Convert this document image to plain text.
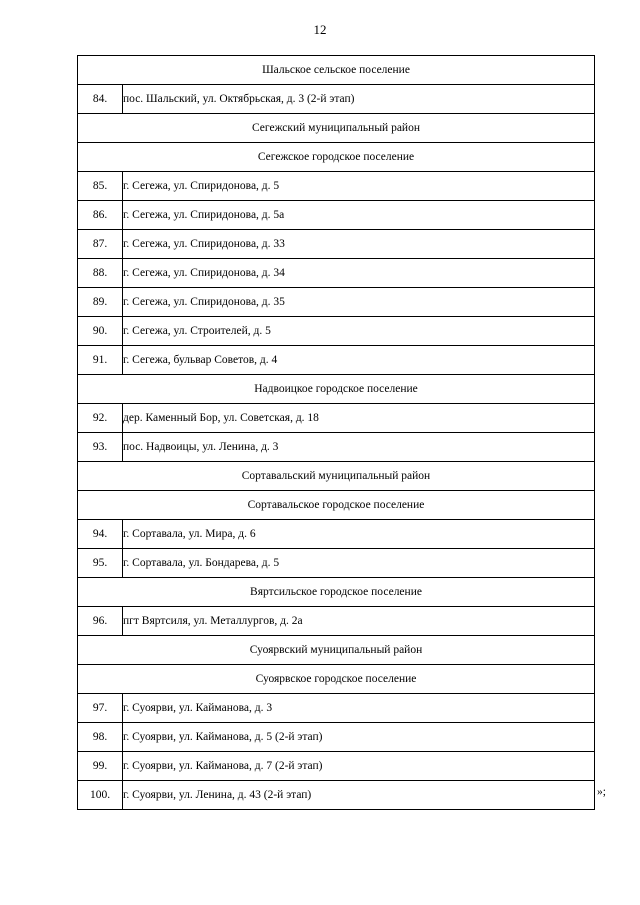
12
Шальское сельское поселение	
84.	пос. Шальский, ул. Октябрьская, д. 3 (2-й этап)
Сегежский муниципальный район	
Сегежское городское поселение	
85.	г. Сегежа, ул. Спиридонова, д. 5
86.	г. Сегежа, ул. Спиридонова, д. 5а
87.	г. Сегежа, ул. Спиридонова, д. 33
88.	г. Сегежа, ул. Спиридонова, д. 34
89.	г. Сегежа, ул. Спиридонова, д. 35
90.	г. Сегежа, ул. Строителей, д. 5
91.	г. Сегежа, бульвар Советов, д. 4
Надвоицкое городское поселение	
92.	дер. Каменный Бор, ул. Советская, д. 18
93.	пос. Надвоицы, ул. Ленина, д. 3
Сортавальский муниципальный район	
Сортавальское городское поселение	
94.	г. Сортавала, ул. Мира, д. 6
95.	г. Сортавала, ул. Бондарева, д. 5
Вяртсильское городское поселение	
96.	пгт Вяртсиля, ул. Металлургов, д. 2а
Суоярвский муниципальный район	
Суоярвское городское поселение	
97.	г. Суоярви, ул. Кайманова, д. 3
98.	г. Суоярви, ул. Кайманова, д. 5 (2-й этап)
99.	г. Суоярви, ул. Кайманова, д. 7 (2-й этап)
100.	г. Суоярви, ул. Ленина, д. 43 (2-й этап)	»;
